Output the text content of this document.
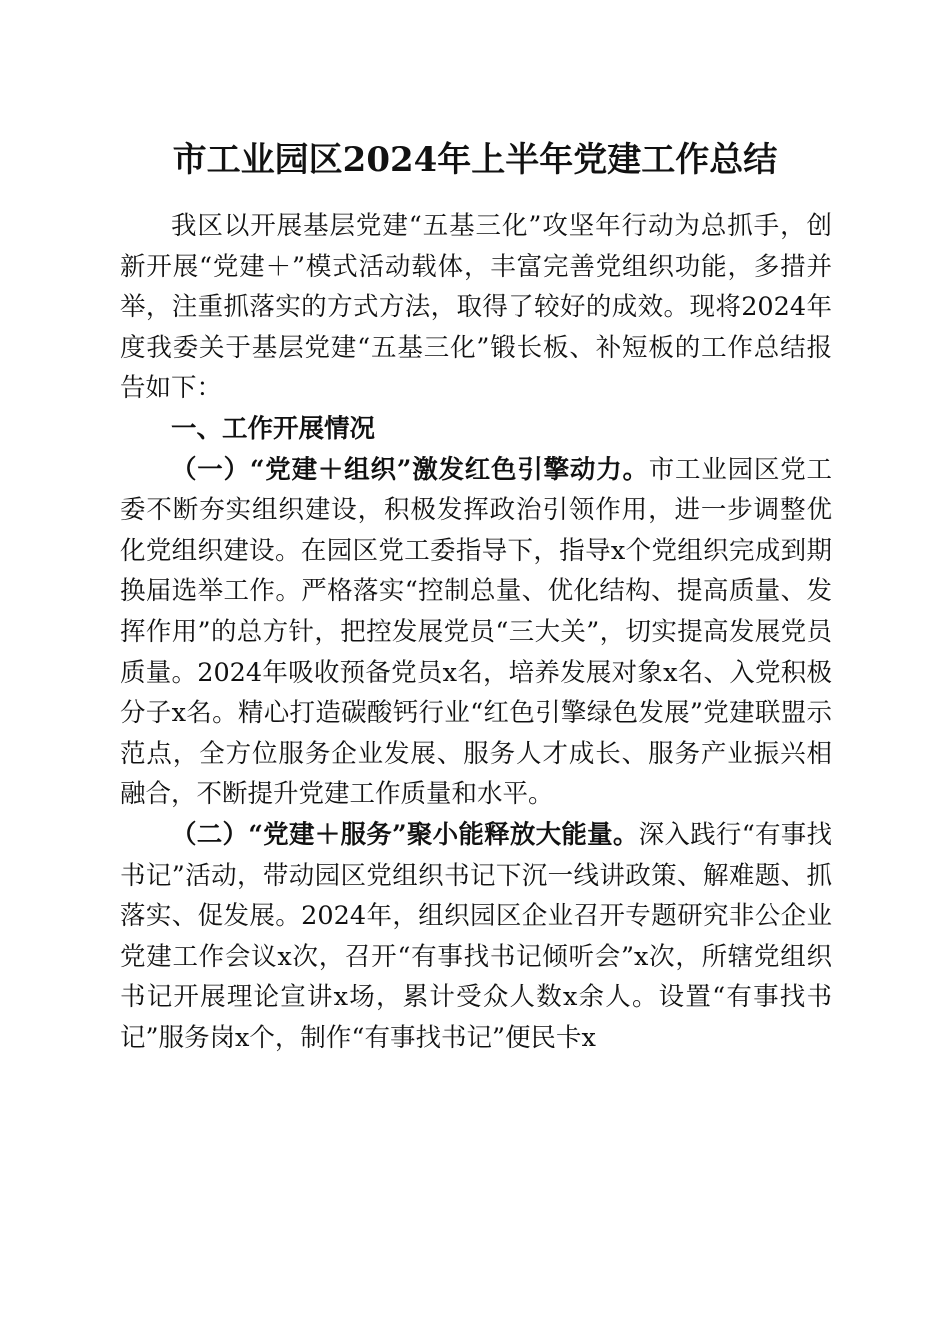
市工业园区2024年上半年党建工作总结

我区以开展基层党建“五基三化”攻坚年行动为总抓手，创新开展“党建＋”模式活动载体，丰富完善党组织功能，多措并举，注重抓落实的方式方法，取得了较好的成效。现将2024年度我委关于基层党建“五基三化”锻长板、补短板的工作总结报告如下：

一、工作开展情况

（一）“党建＋组织”激发红色引擎动力。市工业园区党工委不断夯实组织建设，积极发挥政治引领作用，进一步调整优化党组织建设。在园区党工委指导下，指导x个党组织完成到期换届选举工作。严格落实“控制总量、优化结构、提高质量、发挥作用”的总方针，把控发展党员“三大关”，切实提高发展党员质量。2024年吸收预备党员x名，培养发展对象x名、入党积极分子x名。精心打造碳酸钙行业“红色引擎绿色发展”党建联盟示范点，全方位服务企业发展、服务人才成长、服务产业振兴相融合，不断提升党建工作质量和水平。

（二）“党建＋服务”聚小能释放大能量。深入践行“有事找书记”活动，带动园区党组织书记下沉一线讲政策、解难题、抓落实、促发展。2024年，组织园区企业召开专题研究非公企业党建工作会议x次，召开“有事找书记倾听会”x次，所辖党组织书记开展理论宣讲x场，累计受众人数x余人。设置“有事找书记”服务岗x个，制作“有事找书记”便民卡x
